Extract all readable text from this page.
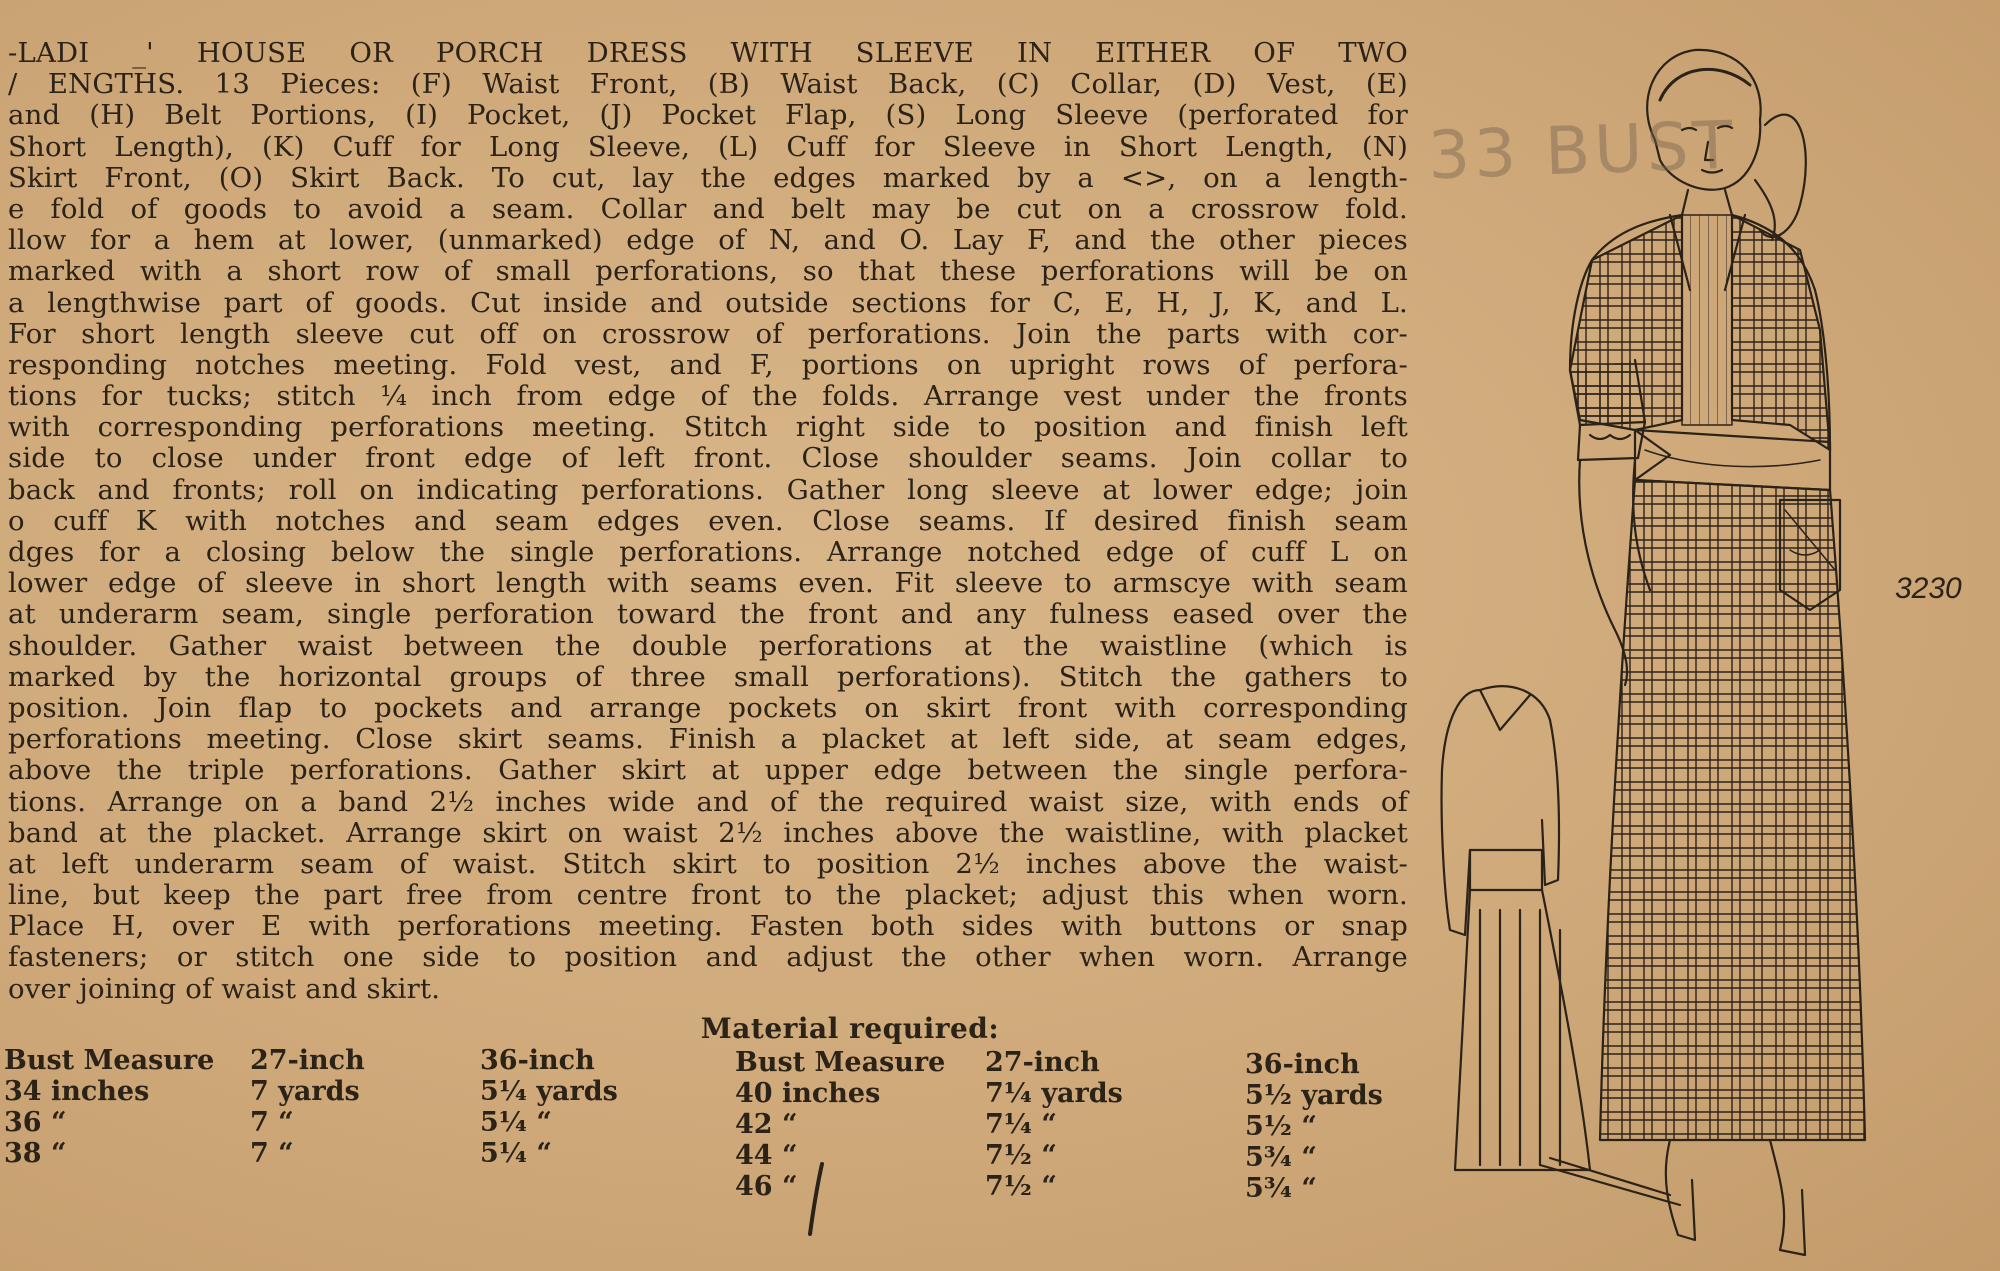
-LADI _' HOUSE OR PORCH DRESS WITH SLEEVE IN EITHER OF TWO
/ ENGTHS. 13 Pieces: (F) Waist Front, (B) Waist Back, (C) Collar, (D) Vest, (E)
and (H) Belt Portions, (I) Pocket, (J) Pocket Flap, (S) Long Sleeve (perforated for
Short Length), (K) Cuff for Long Sleeve, (L) Cuff for Sleeve in Short Length, (N)
Skirt Front, (O) Skirt Back. To cut, lay the edges marked by a <>, on a length-
e fold of goods to avoid a seam. Collar and belt may be cut on a crossrow fold.
llow for a hem at lower, (unmarked) edge of N, and O. Lay F, and the other pieces
marked with a short row of small perforations, so that these perforations will be on
a lengthwise part of goods. Cut inside and outside sections for C, E, H, J, K, and L.
For short length sleeve cut off on crossrow of perforations. Join the parts with cor-
responding notches meeting. Fold vest, and F, portions on upright rows of perfora-
tions for tucks; stitch ¼ inch from edge of the folds. Arrange vest under the fronts
with corresponding perforations meeting. Stitch right side to position and finish left
side to close under front edge of left front. Close shoulder seams. Join collar to
back and fronts; roll on indicating perforations. Gather long sleeve at lower edge; join
o cuff K with notches and seam edges even. Close seams. If desired finish seam
dges for a closing below the single perforations. Arrange notched edge of cuff L on
lower edge of sleeve in short length with seams even. Fit sleeve to armscye with seam
at underarm seam, single perforation toward the front and any fulness eased over the
shoulder. Gather waist between the double perforations at the waistline (which is
marked by the horizontal groups of three small perforations). Stitch the gathers to
position. Join flap to pockets and arrange pockets on skirt front with corresponding
perforations meeting. Close skirt seams. Finish a placket at left side, at seam edges,
above the triple perforations. Gather skirt at upper edge between the single perfora-
tions. Arrange on a band 2½ inches wide and of the required waist size, with ends of
band at the placket. Arrange skirt on waist 2½ inches above the waistline, with placket
at left underarm seam of waist. Stitch skirt to position 2½ inches above the waist-
line, but keep the part free from centre front to the placket; adjust this when worn.
Place H, over E with perforations meeting. Fasten both sides with buttons or snap
fasteners; or stitch one side to position and adjust the other when worn. Arrange
over joining of waist and skirt.
Material required:
Bust Measure
34 inches
36 “
38 “
27-inch
7 yards
7 “
7 “
36-inch
5¼ yards
5¼ “
5¼ “
Bust Measure
40 inches
42 “
44 “
46 “
27-inch
7¼ yards
7¼ “
7½ “
7½ “
36-inch
5½ yards
5½ “
5¾ “
5¾ “
33 BUST
3230
